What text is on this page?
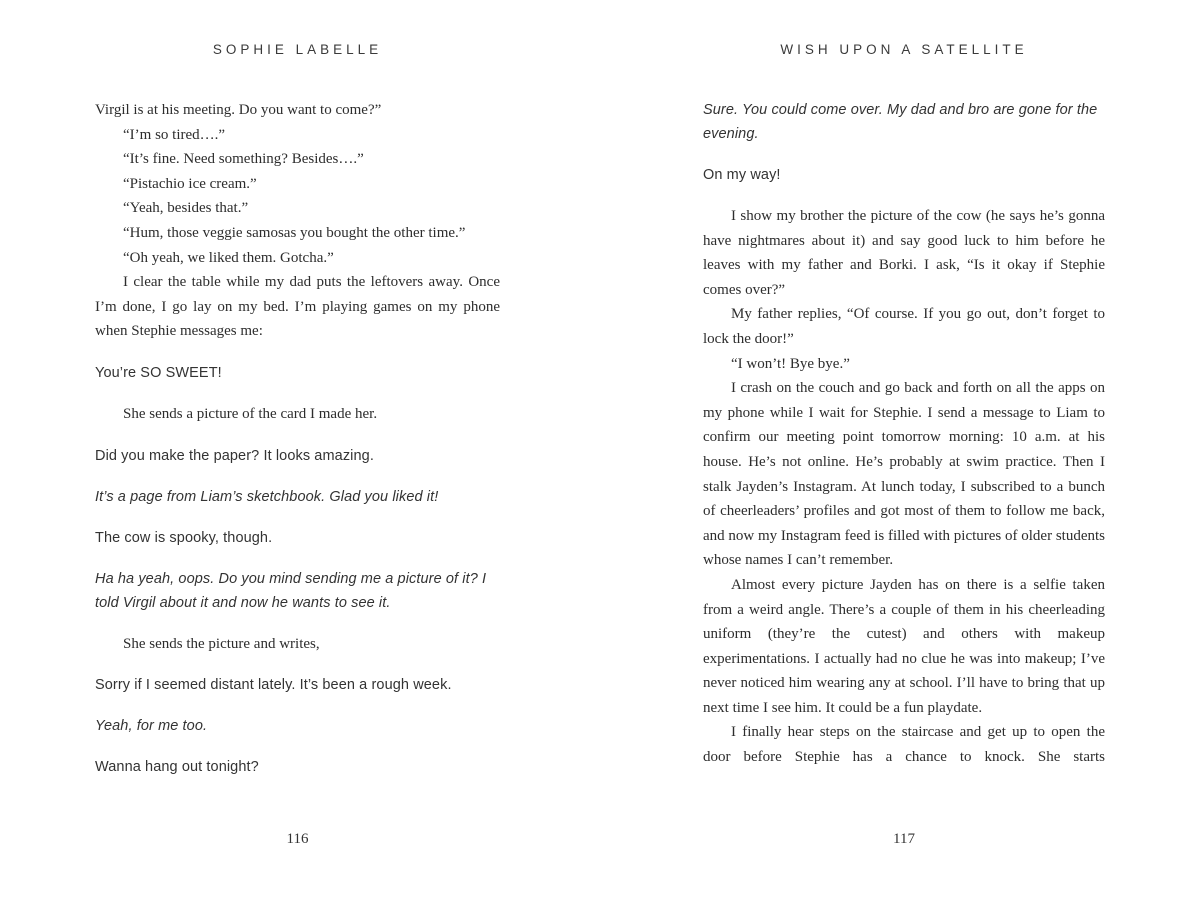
SOPHIE LABELLE

Virgil is at his meeting. Do you want to come?”

“I’m so tired….”

“It’s fine. Need something? Besides….”

“Pistachio ice cream.”

“Yeah, besides that.”

“Hum, those veggie samosas you bought the other time.”

“Oh yeah, we liked them. Gotcha.”

I clear the table while my dad puts the leftovers away. Once I’m done, I go lay on my bed. I’m playing games on my phone when Stephie messages me:

You’re SO SWEET!

She sends a picture of the card I made her.

Did you make the paper? It looks amazing.

It’s a page from Liam’s sketchbook. Glad you liked it!

The cow is spooky, though.

Ha ha yeah, oops. Do you mind sending me a picture of it? I told Virgil about it and now he wants to see it.

She sends the picture and writes,

Sorry if I seemed distant lately. It’s been a rough week.

Yeah, for me too.

Wanna hang out tonight?

WISH UPON A SATELLITE

Sure. You could come over. My dad and bro are gone for the evening.

On my way!

I show my brother the picture of the cow (he says he’s gonna have nightmares about it) and say good luck to him before he leaves with my father and Borki. I ask, “Is it okay if Stephie comes over?”

My father replies, “Of course. If you go out, don’t forget to lock the door!”

“I won’t! Bye bye.”

I crash on the couch and go back and forth on all the apps on my phone while I wait for Stephie. I send a message to Liam to confirm our meeting point tomorrow morning: 10 a.m. at his house. He’s not online. He’s probably at swim practice. Then I stalk Jayden’s Instagram. At lunch today, I subscribed to a bunch of cheerleaders’ profiles and got most of them to follow me back, and now my Instagram feed is filled with pictures of older students whose names I can’t remember.

Almost every picture Jayden has on there is a selfie taken from a weird angle. There’s a couple of them in his cheerleading uniform (they’re the cutest) and others with makeup experimentations. I actually had no clue he was into makeup; I’ve never noticed him wearing any at school. I’ll have to bring that up next time I see him. It could be a fun playdate.

I finally hear steps on the staircase and get up to open the door before Stephie has a chance to knock. She starts

116	117
